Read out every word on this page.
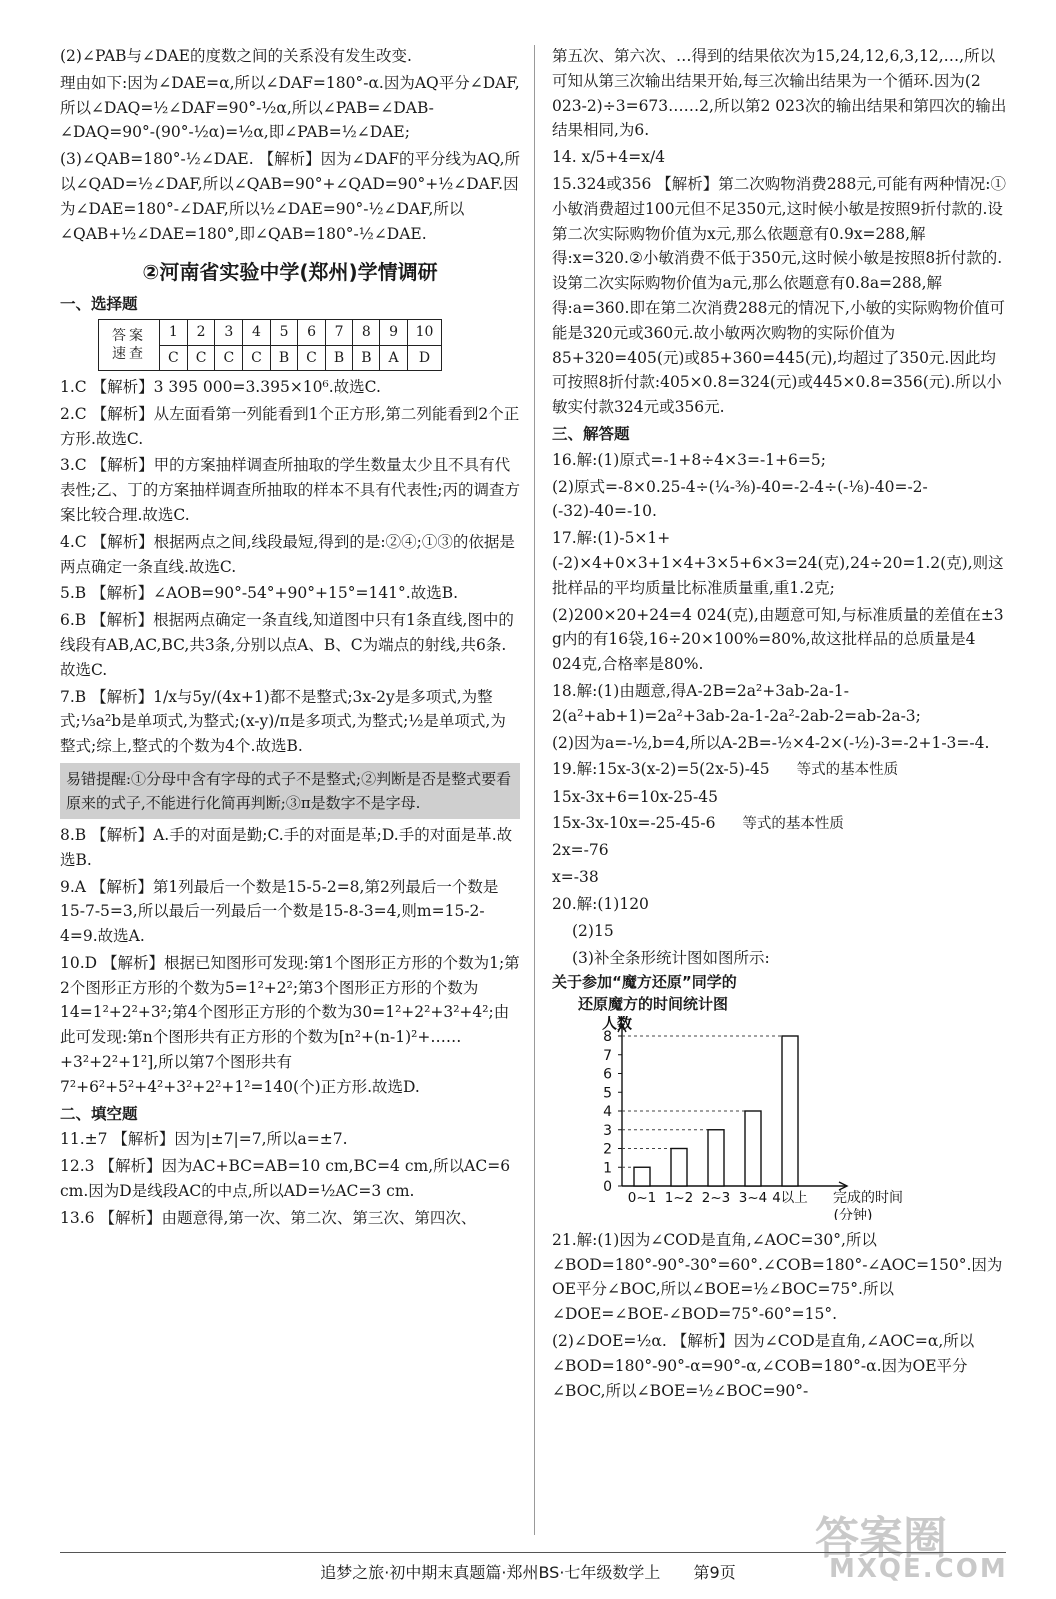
(2)∠PAB与∠DAE的度数之间的关系没有发生改变.

理由如下:因为∠DAE=α,所以∠DAF=180°-α.因为AQ平分∠DAF,所以∠DAQ=½∠DAF=90°-½α,所以∠PAB=∠DAB-∠DAQ=90°-(90°-½α)=½α,即∠PAB=½∠DAE;

(3)∠QAB=180°-½∠DAE. 【解析】因为∠DAF的平分线为AQ,所以∠QAD=½∠DAF,所以∠QAB=90°+∠QAD=90°+½∠DAF.因为∠DAE=180°-∠DAF,所以½∠DAE=90°-½∠DAF,所以∠QAB+½∠DAE=180°,即∠QAB=180°-½∠DAE.

②河南省实验中学(郑州)学情调研
一、选择题
答案速查	1	2	3	4	5	6	7	8	9	10
	C	C	C	C	B	C	B	B	A	D

1.C 【解析】3 395 000=3.395×10⁶.故选C.

2.C 【解析】从左面看第一列能看到1个正方形,第二列能看到2个正方形.故选C.

3.C 【解析】甲的方案抽样调查所抽取的学生数量太少且不具有代表性;乙、丁的方案抽样调查所抽取的样本不具有代表性;丙的调查方案比较合理.故选C.

4.C 【解析】根据两点之间,线段最短,得到的是:②④;①③的依据是两点确定一条直线.故选C.

5.B 【解析】∠AOB=90°-54°+90°+15°=141°.故选B.

6.B 【解析】根据两点确定一条直线,知道图中只有1条直线,图中的线段有AB,AC,BC,共3条,分别以点A、B、C为端点的射线,共6条.故选C.

7.B 【解析】1/x与5y/(4x+1)都不是整式;3x-2y是多项式,为整式;⅓a²b是单项式,为整式;(x-y)/π是多项式,为整式;½是单项式,为整式;综上,整式的个数为4个.故选B.

易错提醒:①分母中含有字母的式子不是整式;②判断是否是整式要看原来的式子,不能进行化简再判断;③π是数字不是字母.

8.B 【解析】A.手的对面是勤;C.手的对面是革;D.手的对面是革.故选B.

9.A 【解析】第1列最后一个数是15-5-2=8,第2列最后一个数是15-7-5=3,所以最后一列最后一个数是15-8-3=4,则m=15-2-4=9.故选A.

10.D 【解析】根据已知图形可发现:第1个图形正方形的个数为1;第2个图形正方形的个数为5=1²+2²;第3个图形正方形的个数为14=1²+2²+3²;第4个图形正方形的个数为30=1²+2²+3²+4²;由此可发现:第n个图形共有正方形的个数为[n²+(n-1)²+……+3²+2²+1²],所以第7个图形共有7²+6²+5²+4²+3²+2²+1²=140(个)正方形.故选D.

二、填空题

11.±7 【解析】因为|±7|=7,所以a=±7.

12.3 【解析】因为AC+BC=AB=10 cm,BC=4 cm,所以AC=6 cm.因为D是线段AC的中点,所以AD=½AC=3 cm.

13.6 【解析】由题意得,第一次、第二次、第三次、第四次、

第五次、第六次、…得到的结果依次为15,24,12,6,3,12,…,所以可知从第三次输出结果开始,每三次输出结果为一个循环.因为(2 023-2)÷3=673……2,所以第2 023次的输出结果和第四次的输出结果相同,为6.

14. x/5+4=x/4

15.324或356 【解析】第二次购物消费288元,可能有两种情况:①小敏消费超过100元但不足350元,这时候小敏是按照9折付款的.设第二次实际购物价值为x元,那么依题意有0.9x=288,解得:x=320.②小敏消费不低于350元,这时候小敏是按照8折付款的.设第二次实际购物价值为a元,那么依题意有0.8a=288,解得:a=360.即在第二次消费288元的情况下,小敏的实际购物价值可能是320元或360元.故小敏两次购物的实际价值为85+320=405(元)或85+360=445(元),均超过了350元.因此均可按照8折付款:405×0.8=324(元)或445×0.8=356(元).所以小敏实付款324元或356元.

三、解答题

16.解:(1)原式=-1+8÷4×3=-1+6=5;

(2)原式=-8×0.25-4÷(¼-⅜)-40=-2-4÷(-⅛)-40=-2-(-32)-40=-10.

17.解:(1)-5×1+(-2)×4+0×3+1×4+3×5+6×3=24(克),24÷20=1.2(克),则这批样品的平均质量比标准质量重,重1.2克;

(2)200×20+24=4 024(克),由题意可知,与标准质量的差值在±3 g内的有16袋,16÷20×100%=80%,故这批样品的总质量是4 024克,合格率是80%.

18.解:(1)由题意,得A-2B=2a²+3ab-2a-1-2(a²+ab+1)=2a²+3ab-2a-1-2a²-2ab-2=ab-2a-3;

(2)因为a=-½,b=4,所以A-2B=-½×4-2×(-½)-3=-2+1-3=-4.

19.解:15x-3(x-2)=5(2x-5)-45 等式的基本性质

15x-3x+6=10x-25-45

15x-3x-10x=-25-45-6 等式的基本性质

2x=-76

x=-38

20.解:(1)120

(2)15

(3)补全条形统计图如图所示:

关于参加“魔方还原”同学的
还原魔方的时间统计图
人数
0
1
2
3
4
5
6
7
8
0~1 1~2 2~3 3~4 4以上 完成的时间
(分钟)

21.解:(1)因为∠COD是直角,∠AOC=30°,所以∠BOD=180°-90°-30°=60°.∠COB=180°-∠AOC=150°.因为OE平分∠BOC,所以∠BOE=½∠BOC=75°.所以∠DOE=∠BOE-∠BOD=75°-60°=15°.

(2)∠DOE=½α. 【解析】因为∠COD是直角,∠AOC=α,所以∠BOD=180°-90°-α=90°-α,∠COB=180°-α.因为OE平分∠BOC,所以∠BOE=½∠BOC=90°-

追梦之旅·初中期末真题篇·郑州BS·七年级数学上 第9页
答案圈
MXQE.COM
